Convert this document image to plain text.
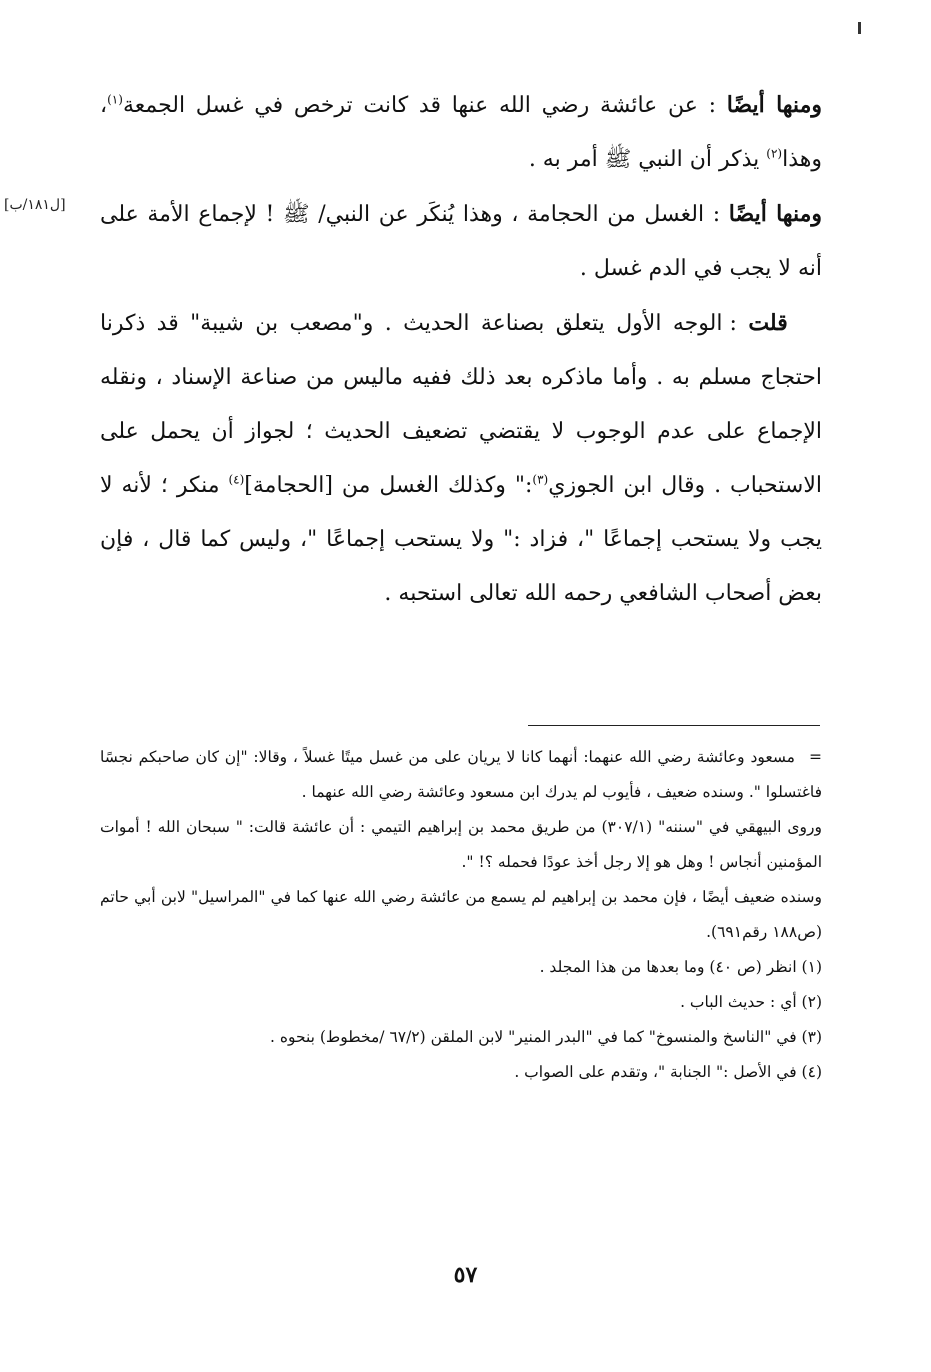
[ل١٨١/ب]

ومنها أيضًا : عن عائشة رضي الله عنها قد كانت ترخص في غسل الجمعة$^{(١)}$، وهذا$^{(٢)}$ يذكر أن النبي ﷺ أمر به .

ومنها أيضًا : الغسل من الحجامة ، وهذا يُنكَر عن النبي/ ﷺ ! لإجماع الأمة على أنه لا يجب في الدم غسل .

قلت : الوجه الأول يتعلق بصناعة الحديث . و"مصعب بن شيبة" قد ذكرنا احتجاج مسلم به . وأما ماذكره بعد ذلك ففيه ماليس من صناعة الإسناد ، ونقله الإجماع على عدم الوجوب لا يقتضي تضعيف الحديث ؛ لجواز أن يحمل على الاستحباب . وقال ابن الجوزي$^{(٣)}$:" وكذلك الغسل من [الحجامة]$^{(٤)}$ منكر ؛ لأنه لا يجب ولا يستحب إجماعًا "، فزاد :" ولا يستحب إجماعًا "، وليس كما قال ، فإن بعض أصحاب الشافعي رحمه الله تعالى استحبه .

=مسعود وعائشة رضي الله عنهما: أنهما كانا لا يريان على من غسل ميتًا غسلاً ، وقالا: "إن كان صاحبكم نجسًا فاغتسلوا ". وسنده ضعيف ، فأيوب لم يدرك ابن مسعود وعائشة رضي الله عنهما .

وروى البيهقي في "سننه" (٣٠٧/١) من طريق محمد بن إبراهيم التيمي : أن عائشة قالت: " سبحان الله ! أموات المؤمنين أنجاس ! وهل هو إلا رجل أخذ عودًا فحمله ؟! ".

وسنده ضعيف أيضًا ، فإن محمد بن إبراهيم لم يسمع من عائشة رضي الله عنها كما في "المراسيل" لابن أبي حاتم (ص١٨٨ رقم٦٩١).

(١) انظر (ص ٤٠) وما بعدها من هذا المجلد .

(٢) أي : حديث الباب .

(٣) في "الناسخ والمنسوخ" كما في "البدر المنير" لابن الملقن (٦٧/٢ /مخطوط) بنحوه .

(٤) في الأصل :" الجنابة "، وتقدم على الصواب .

٥٧
